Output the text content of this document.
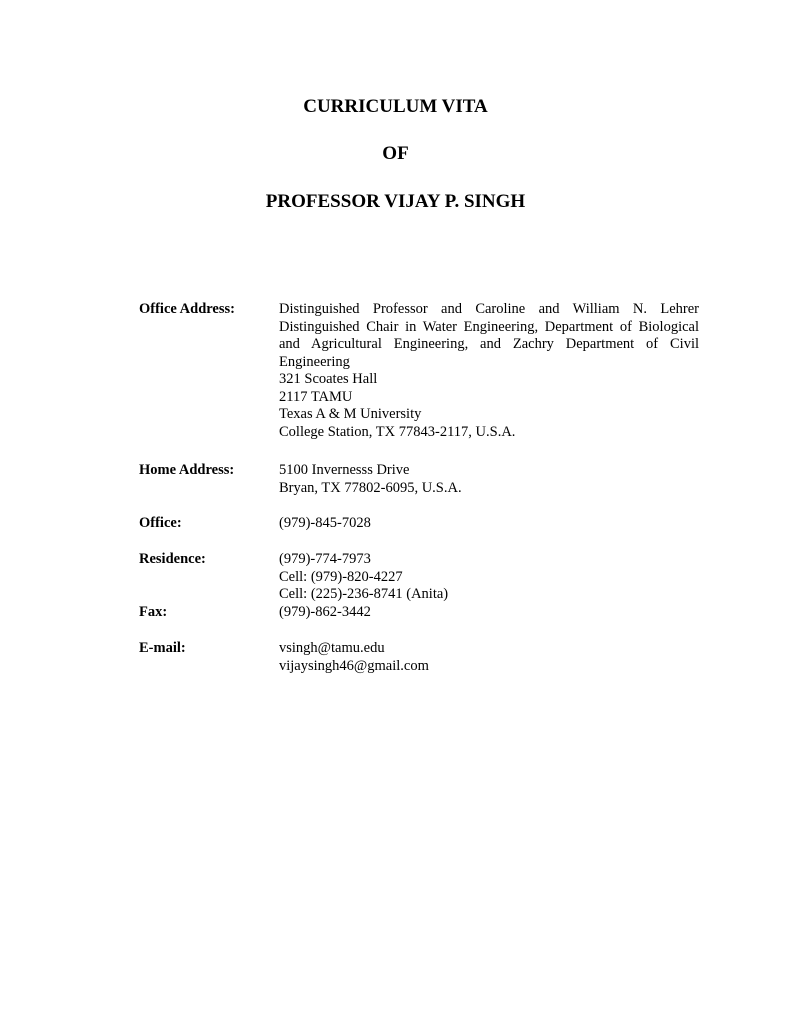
CURRICULUM VITA
OF
PROFESSOR VIJAY P. SINGH
Office Address:	Distinguished Professor and Caroline and William N. Lehrer Distinguished Chair in Water Engineering, Department of Biological and Agricultural Engineering, and Zachry Department of Civil Engineering
321 Scoates Hall
2117 TAMU
Texas A & M University
College Station, TX 77843-2117, U.S.A.
Home Address:	5100 Invernesss Drive
Bryan, TX 77802-6095, U.S.A.
Office:	(979)-845-7028
Residence:	(979)-774-7973
Cell: (979)-820-4227
Cell: (225)-236-8741 (Anita)
Fax:	(979)-862-3442
E-mail:	vsingh@tamu.edu
vijaysingh46@gmail.com
